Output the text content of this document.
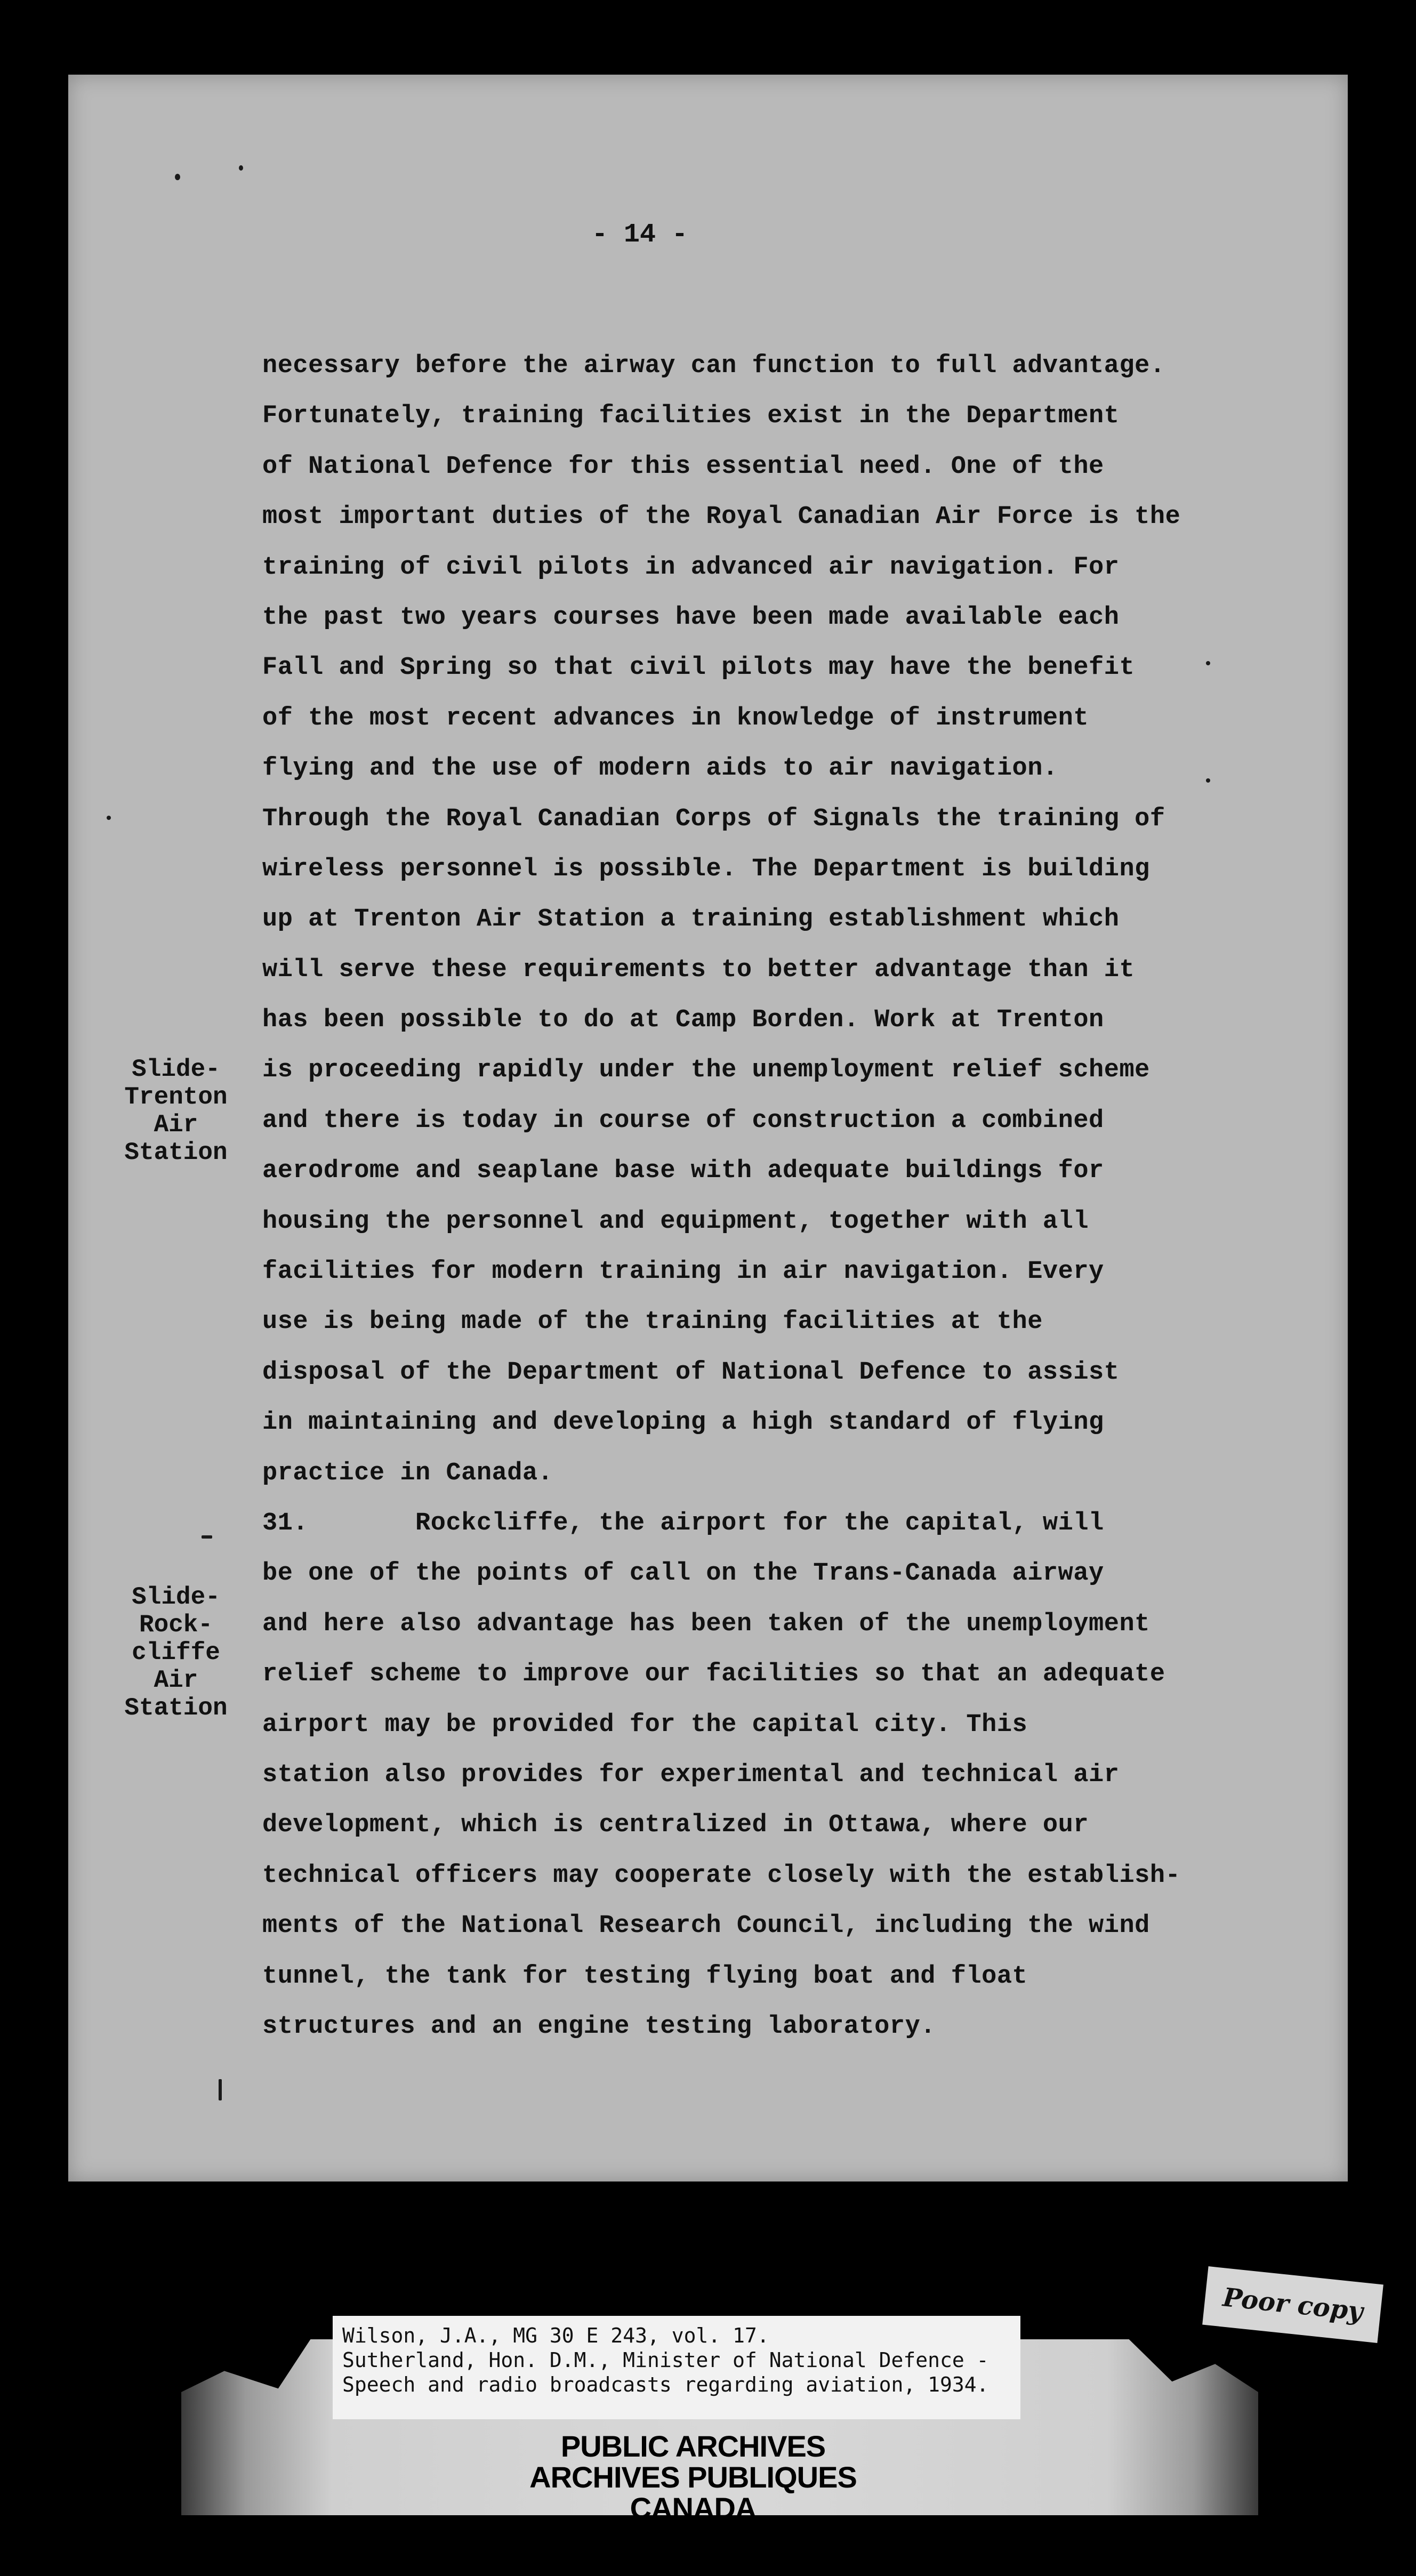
- 14 -

necessary before the airway can function to full advantage.
Fortunately, training facilities exist in the Department
of National Defence for this essential need. One of the
most important duties of the Royal Canadian Air Force is the
training of civil pilots in advanced air navigation. For
the past two years courses have been made available each
Fall and Spring so that civil pilots may have the benefit
of the most recent advances in knowledge of instrument
flying and the use of modern aids to air navigation.
Through the Royal Canadian Corps of Signals the training of
wireless personnel is possible. The Department is building
up at Trenton Air Station a training establishment which
will serve these requirements to better advantage than it
has been possible to do at Camp Borden. Work at Trenton
is proceeding rapidly under the unemployment relief scheme
and there is today in course of construction a combined
aerodrome and seaplane base with adequate buildings for
housing the personnel and equipment, together with all
facilities for modern training in air navigation. Every
use is being made of the training facilities at the
disposal of the Department of National Defence to assist
in maintaining and developing a high standard of flying
practice in Canada.
31.       Rockcliffe, the airport for the capital, will
be one of the points of call on the Trans-Canada airway
and here also advantage has been taken of the unemployment
relief scheme to improve our facilities so that an adequate
airport may be provided for the capital city. This
station also provides for experimental and technical air
development, which is centralized in Ottawa, where our
technical officers may cooperate closely with the establish-
ments of the National Research Council, including the wind
tunnel, the tank for testing flying boat and float
structures and an engine testing laboratory.

Slide-
Trenton
Air
Station
Slide-
Rock-
cliffe
Air
Station
Poor copy
Wilson, J.A., MG 30 E 243, vol. 17.
Sutherland, Hon. D.M., Minister of National Defence -
Speech and radio broadcasts regarding aviation, 1934.
PUBLIC ARCHIVES
ARCHIVES PUBLIQUES
CANADA
